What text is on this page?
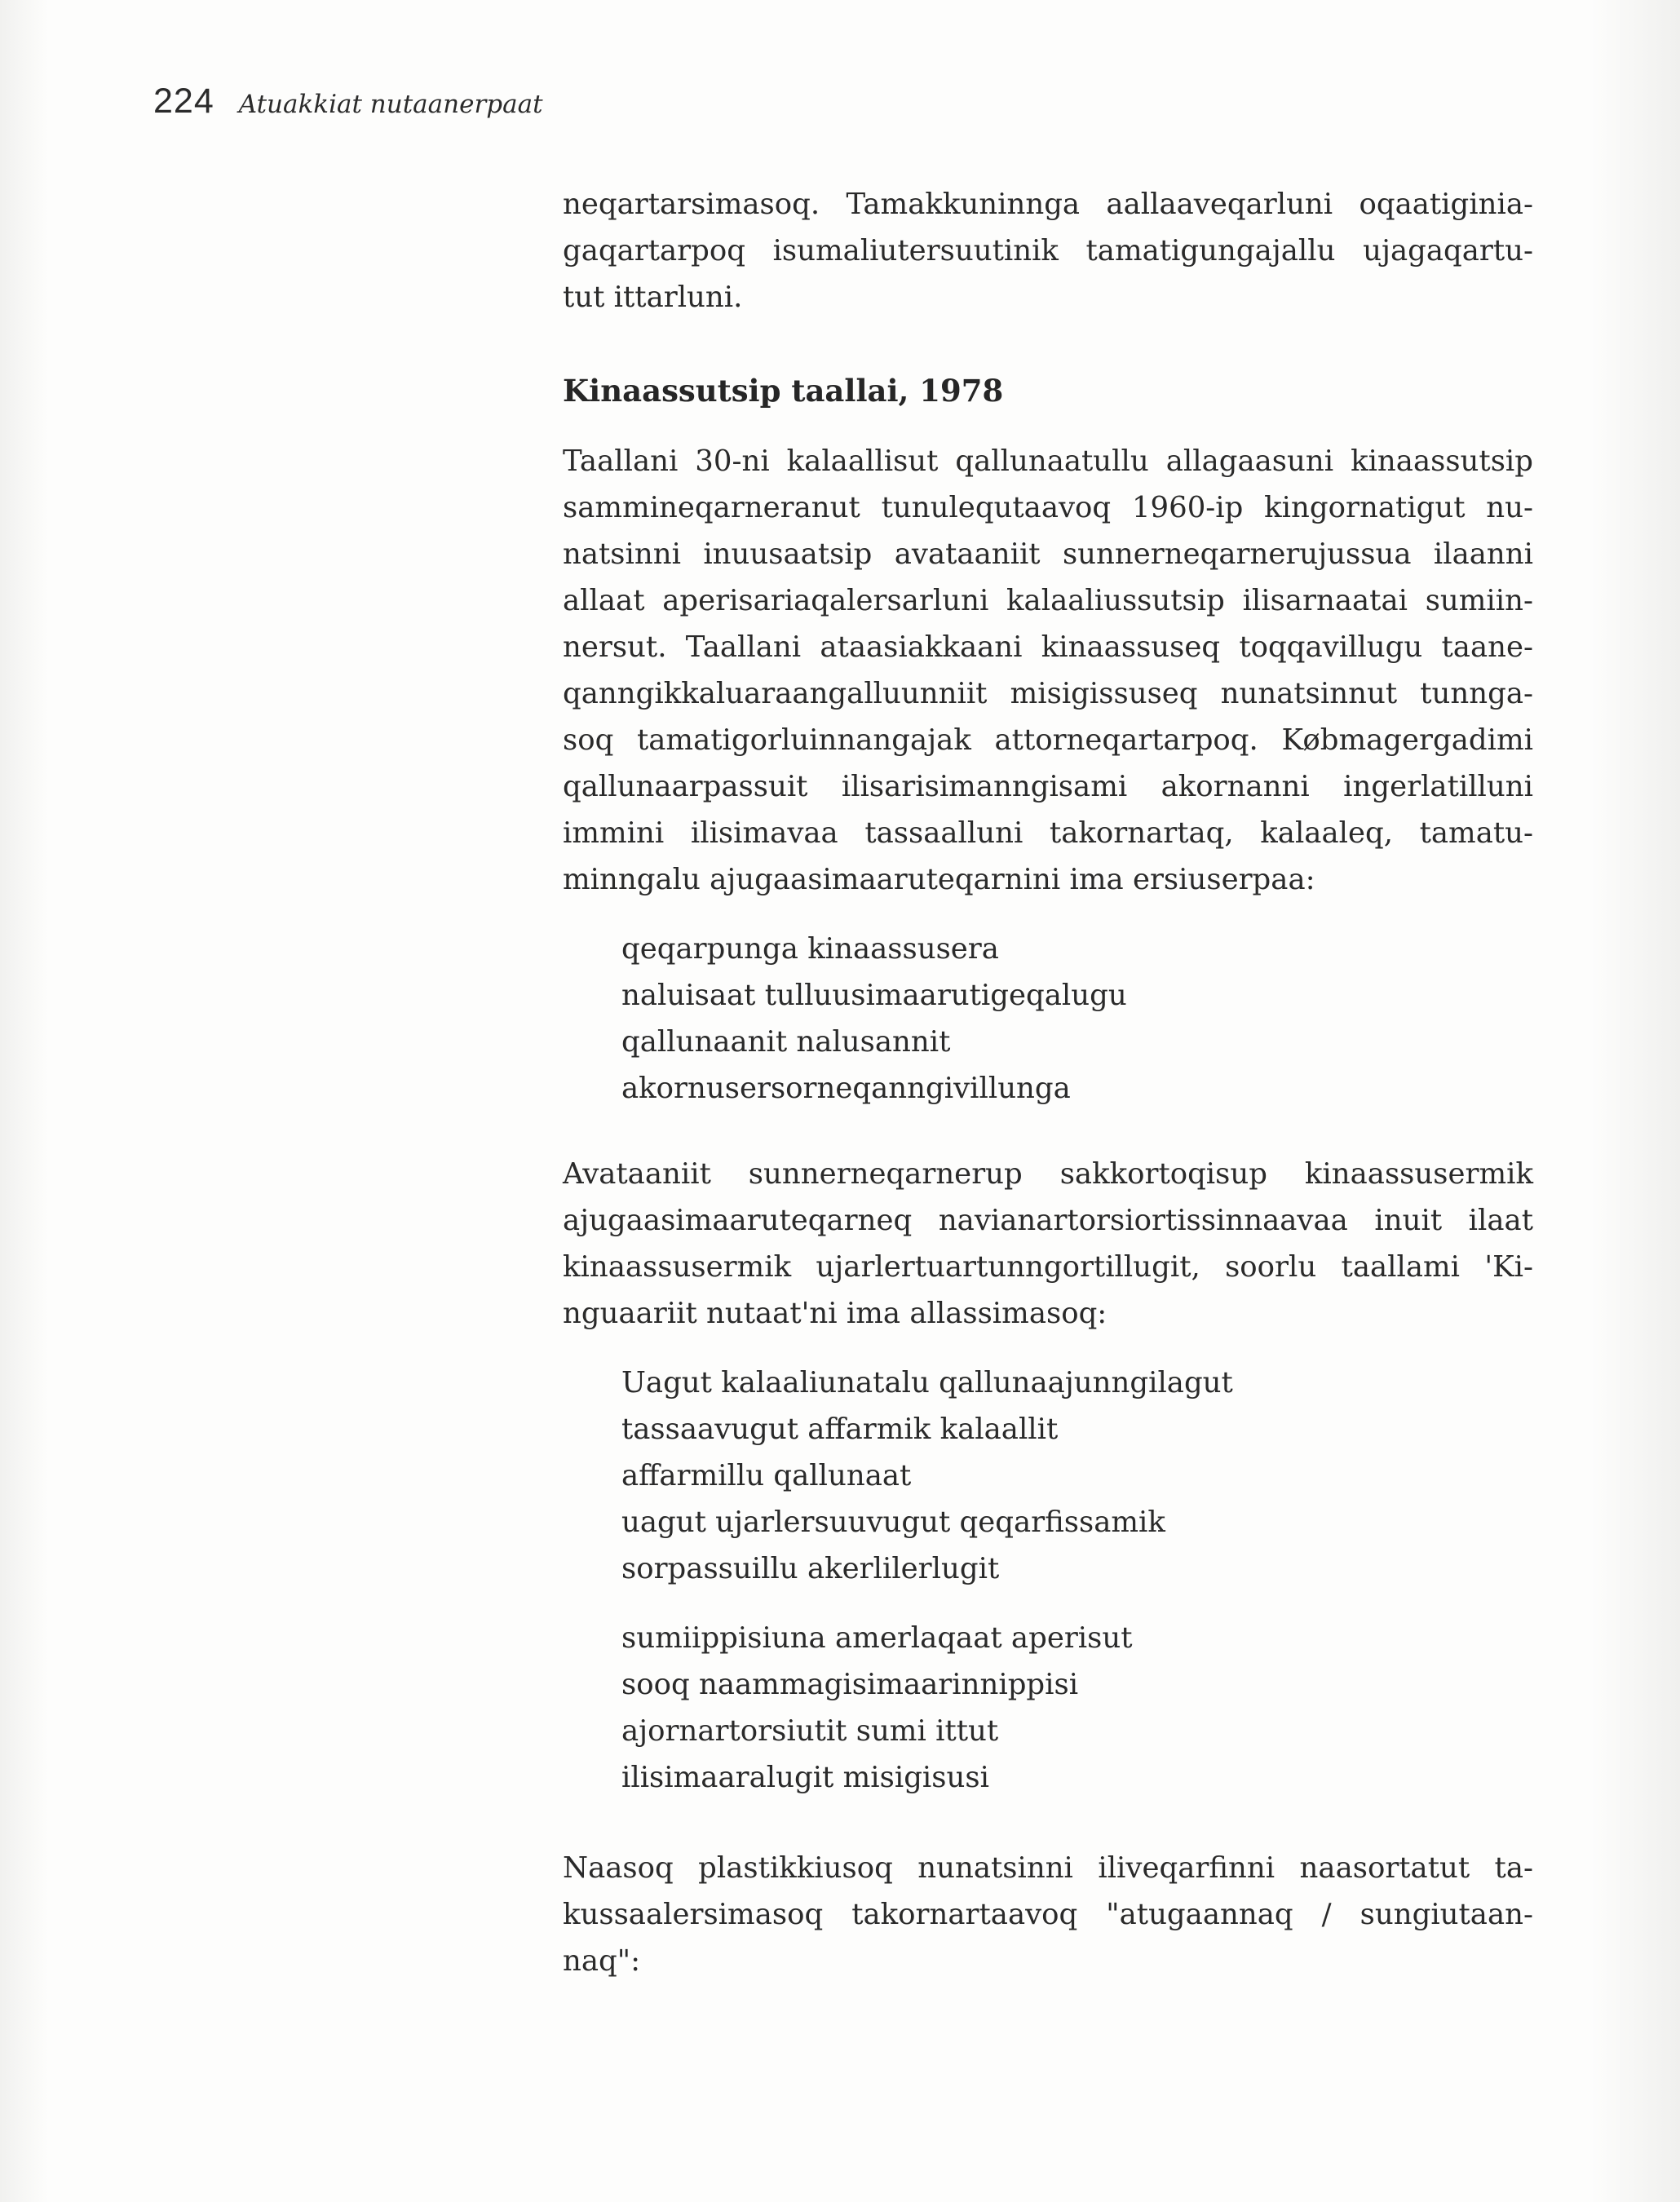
224 Atuakkiat nutaanerpaat

neqartarsimasoq. Tamakkuninnga aallaaveqarluni oqaatiginia-
gaqartarpoq isumaliutersuutinik tamatigungajallu ujagaqartu-
tut ittarluni.

Kinaassutsip taallai, 1978

Taallani 30-ni kalaallisut qallunaatullu allagaasuni kinaassutsip
sammineqarneranut tunulequtaavoq 1960-ip kingornatigut nu-
natsinni inuusaatsip avataaniit sunnerneqarnerujussua ilaanni
allaat aperisariaqalersarluni kalaaliussutsip ilisarnaatai sumiin-
nersut. Taallani ataasiakkaani kinaassuseq toqqavillugu taane-
qanngikkaluaraangalluunniit misigissuseq nunatsinnut tunnga-
soq tamatigorluinnangajak attorneqartarpoq. Købmagergadimi
qallunaarpassuit ilisarisimanngisami akornanni ingerlatilluni
immini ilisimavaa tassaalluni takornartaq, kalaaleq, tamatu-
minngalu ajugaasimaaruteqarnini ima ersiuserpaa:

qeqarpunga kinaassusera
naluisaat tulluusimaarutigeqalugu
qallunaanit nalusannit
akornusersorneqanngivillunga

Avataaniit sunnerneqarnerup sakkortoqisup kinaassusermik
ajugaasimaaruteqarneq navianartorsiortissinnaavaa inuit ilaat
kinaassusermik ujarlertuartunngortillugit, soorlu taallami 'Ki-
nguaariit nutaat'ni ima allassimasoq:

Uagut kalaaliunatalu qallunaajunngilagut
tassaavugut affarmik kalaallit
affarmillu qallunaat
uagut ujarlersuuvugut qeqarfissamik
sorpassuillu akerlilerlugit
sumiippisiuna amerlaqaat aperisut
sooq naammagisimaarinnippisi
ajornartorsiutit sumi ittut
ilisimaaralugit misigisusi

Naasoq plastikkiusoq nunatsinni iliveqarfinni naasortatut ta-
kussaalersimasoq takornartaavoq "atugaannaq / sungiutaan-
naq":
